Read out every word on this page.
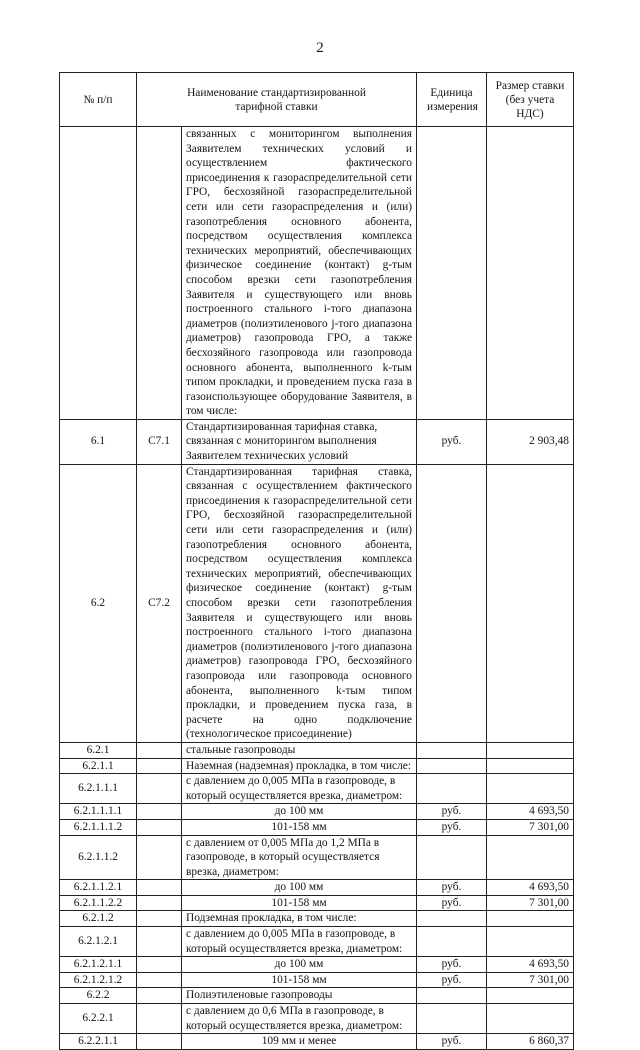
2
№ п/п	Наименование стандартизированной тарифной ставки		Единица измерения	Размер ставки (без учета НДС)
		связанных с мониторингом выполнения Заявителем технических условий и осуществлением фактического присоединения к газораспределительной сети ГРО, бесхозяйной газораспределительной сети или сети газораспределения и (или) газопотребления основного абонента, посредством осуществления комплекса технических мероприятий, обеспечивающих физическое соединение (контакт) g-тым способом врезки сети газопотребления Заявителя и существующего или вновь построенного стального i-того диапазона диаметров (полиэтиленового j-того диапазона диаметров) газопровода ГРО, а также бесхозяйного газопровода или газопровода основного абонента, выполненного k-тым типом прокладки, и проведением пуска газа в газоиспользующее оборудование Заявителя, в том числе:		
6.1	С7.1	Стандартизированная тарифная ставка, связанная с мониторингом выполнения Заявителем технических условий	руб.	2 903,48
6.2	С7.2	Стандартизированная тарифная ставка, связанная с осуществлением фактического присоединения к газораспределительной сети ГРО, бесхозяйной газораспределительной сети или сети газораспределения и (или) газопотребления основного абонента, посредством осуществления комплекса технических мероприятий, обеспечивающих физическое соединение (контакт) g-тым способом врезки сети газопотребления Заявителя и существующего или вновь построенного стального i-того диапазона диаметров (полиэтиленового j-того диапазона диаметров) газопровода ГРО, бесхозяйного газопровода или газопровода основного абонента, выполненного k-тым типом прокладки, и проведением пуска газа, в расчете на одно подключение (технологическое присоединение)		
6.2.1		стальные газопроводы		
6.2.1.1		Наземная (надземная) прокладка, в том числе:		
6.2.1.1.1		с давлением до 0,005 МПа в газопроводе, в который осуществляется врезка, диаметром:		
6.2.1.1.1.1		до 100 мм	руб.	4 693,50
6.2.1.1.1.2		101-158 мм	руб.	7 301,00
6.2.1.1.2		с давлением от 0,005 МПа до 1,2 МПа в газопроводе, в который осуществляется врезка, диаметром:		
6.2.1.1.2.1		до 100 мм	руб.	4 693,50
6.2.1.1.2.2		101-158 мм	руб.	7 301,00
6.2.1.2		Подземная прокладка, в том числе:		
6.2.1.2.1		с давлением до 0,005 МПа в газопроводе, в который осуществляется врезка, диаметром:		
6.2.1.2.1.1		до 100 мм	руб.	4 693,50
6.2.1.2.1.2		101-158 мм	руб.	7 301,00
6.2.2		Полиэтиленовые газопроводы		
6.2.2.1		с давлением до 0,6 МПа в газопроводе, в который осуществляется врезка, диаметром:		
6.2.2.1.1		109 мм и менее	руб.	6 860,37
